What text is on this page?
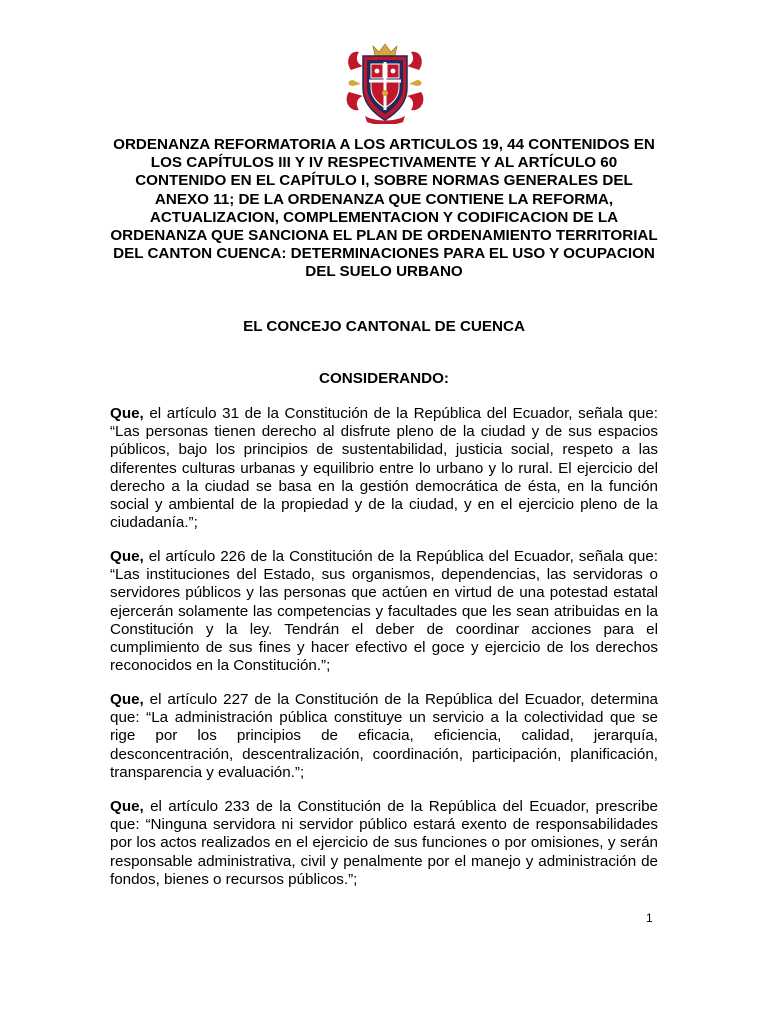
ORDENANZA REFORMATORIA A LOS ARTICULOS 19, 44 CONTENIDOS EN LOS CAPÍTULOS III Y IV RESPECTIVAMENTE Y AL ARTÍCULO 60 CONTENIDO EN EL CAPÍTULO I, SOBRE NORMAS GENERALES DEL ANEXO 11; DE LA ORDENANZA QUE CONTIENE LA REFORMA, ACTUALIZACION, COMPLEMENTACION Y CODIFICACION DE LA ORDENANZA QUE SANCIONA EL PLAN DE ORDENAMIENTO TERRITORIAL DEL CANTON CUENCA: DETERMINACIONES PARA EL USO Y OCUPACION DEL SUELO URBANO

EL CONCEJO CANTONAL DE CUENCA

CONSIDERANDO:

Que, el artículo 31 de la Constitución de la República del Ecuador, señala que: “Las personas tienen derecho al disfrute pleno de la ciudad y de sus espacios públicos, bajo los principios de sustentabilidad, justicia social, respeto a las diferentes culturas urbanas y equilibrio entre lo urbano y lo rural. El ejercicio del derecho a la ciudad se basa en la gestión democrática de ésta, en la función social y ambiental de la propiedad y de la ciudad, y en el ejercicio pleno de la ciudadanía.”;

Que, el artículo 226 de la Constitución de la República del Ecuador, señala que: “Las instituciones del Estado, sus organismos, dependencias, las servidoras o servidores públicos y las personas que actúen en virtud de una potestad estatal ejercerán solamente las competencias y facultades que les sean atribuidas en la Constitución y la ley. Tendrán el deber de coordinar acciones para el cumplimiento de sus fines y hacer efectivo el goce y ejercicio de los derechos reconocidos en la Constitución.”;

Que, el artículo 227 de la Constitución de la República del Ecuador, determina que: “La administración pública constituye un servicio a la colectividad que se rige por los principios de eficacia, eficiencia, calidad, jerarquía, desconcentración, descentralización, coordinación, participación, planificación, transparencia y evaluación.”;

Que, el artículo 233 de la Constitución de la República del Ecuador, prescribe que: “Ninguna servidora ni servidor público estará exento de responsabilidades por los actos realizados en el ejercicio de sus funciones o por omisiones, y serán responsable administrativa, civil y penalmente por el manejo y administración de fondos, bienes o recursos públicos.”;

1
